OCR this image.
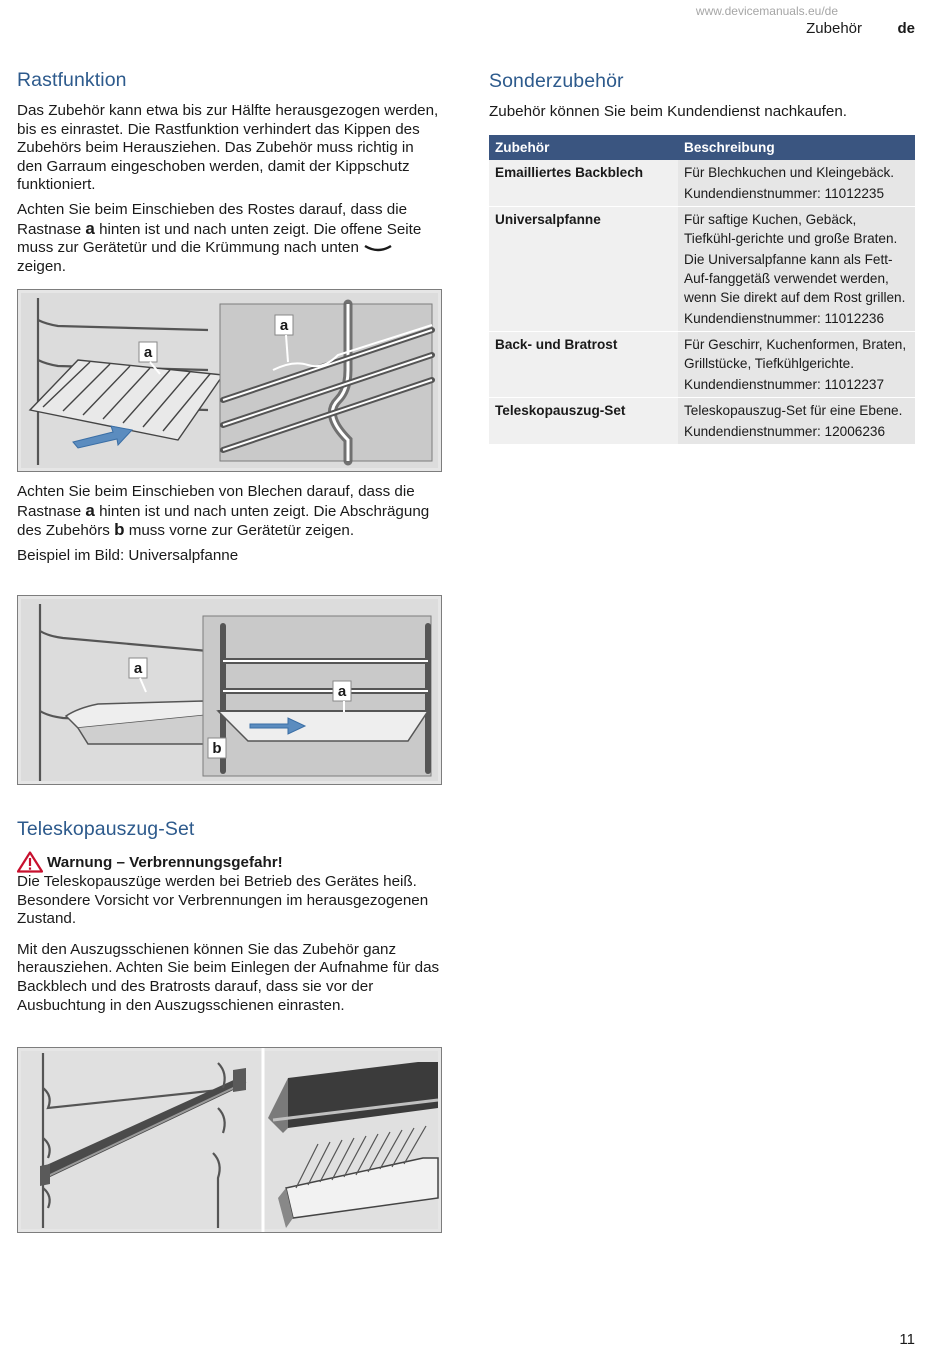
www.devicemanuals.eu/de
Zubehör de
Rastfunktion

Das Zubehör kann etwa bis zur Hälfte herausgezogen werden, bis es einrastet. Die Rastfunktion verhindert das Kippen des Zubehörs beim Herausziehen. Das Zubehör muss richtig in den Garraum eingeschoben werden, damit der Kippschutz funktioniert.

Achten Sie beim Einschieben des Rostes darauf, dass die Rastnase a hinten ist und nach unten zeigt. Die offene Seite muss zur Gerätetür und die Krümmung nach unten  zeigen.

a
a

Achten Sie beim Einschieben von Blechen darauf, dass die Rastnase a hinten ist und nach unten zeigt. Die Abschrägung des Zubehörs b muss vorne zur Gerätetür zeigen.

Beispiel im Bild: Universalpfanne

a
a
b
Teleskopauszug-Set
Warnung – Verbrennungsgefahr!

Die Teleskopauszüge werden bei Betrieb des Gerätes heiß. Besondere Vorsicht vor Verbrennungen im herausgezogenen Zustand.

Mit den Auszugsschienen können Sie das Zubehör ganz herausziehen. Achten Sie beim Einlegen der Aufnahme für das Backblech und des Bratrosts darauf, dass sie vor der Ausbuchtung in den Auszugsschienen einrasten.

Sonderzubehör

Zubehör können Sie beim Kundendienst nachkaufen.

Zubehör	Beschreibung
Emailliertes Backblech	Für Blechkuchen und Kleingebäck.
Kundendienstnummer: 11012235

Universalpfanne	Für saftige Kuchen, Gebäck, Tiefkühl-gerichte und große Braten.
Die Universalpfanne kann als Fett-Auf-fanggetäß verwendet werden, wenn Sie direkt auf dem Rost grillen.
Kundendienstnummer: 11012236

Back- und Bratrost	Für Geschirr, Kuchenformen, Braten, Grillstücke, Tiefkühlgerichte.
Kundendienstnummer: 11012237

Teleskopauszug-Set	Teleskopauszug-Set für eine Ebene.
Kundendienstnummer: 12006236
11
